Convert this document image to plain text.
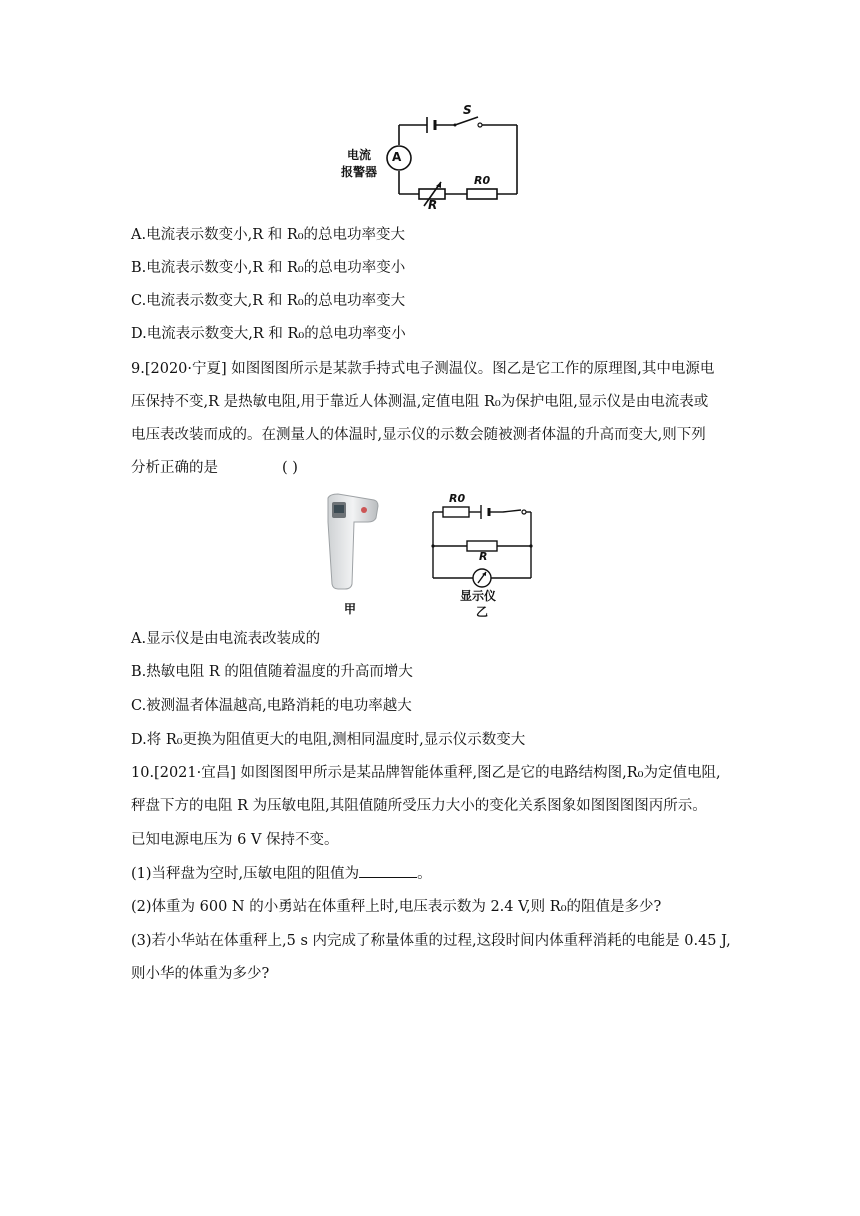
A
电流
报警器
S
R
R0
A.电流表示数变小,R 和 R₀的总电功率变大
B.电流表示数变小,R 和 R₀的总电功率变小
C.电流表示数变大,R 和 R₀的总电功率变大
D.电流表示数变大,R 和 R₀的总电功率变小
9.[2020·宁夏] 如图图图所示是某款手持式电子测温仪。图乙是它工作的原理图,其中电源电
压保持不变,R 是热敏电阻,用于靠近人体测温,定值电阻 R₀为保护电阻,显示仪是由电流表或
电压表改装而成的。在测量人的体温时,显示仪的示数会随被测者体温的升高而变大,则下列
分析正确的是	( )
甲
R0
R
显示仪
乙
A.显示仪是由电流表改装成的
B.热敏电阻 R 的阻值随着温度的升高而增大
C.被测温者体温越高,电路消耗的电功率越大
D.将 R₀更换为阻值更大的电阻,测相同温度时,显示仪示数变大
10.[2021·宜昌] 如图图图甲所示是某品牌智能体重秤,图乙是它的电路结构图,R₀为定值电阻,
秤盘下方的电阻 R 为压敏电阻,其阻值随所受压力大小的变化关系图象如图图图图丙所示。
已知电源电压为 6 V 保持不变。
(1)当秤盘为空时,压敏电阻的阻值为	。
(2)体重为 600 N 的小勇站在体重秤上时,电压表示数为 2.4 V,则 R₀的阻值是多少?
(3)若小华站在体重秤上,5 s 内完成了称量体重的过程,这段时间内体重秤消耗的电能是 0.45 J,
则小华的体重为多少?
